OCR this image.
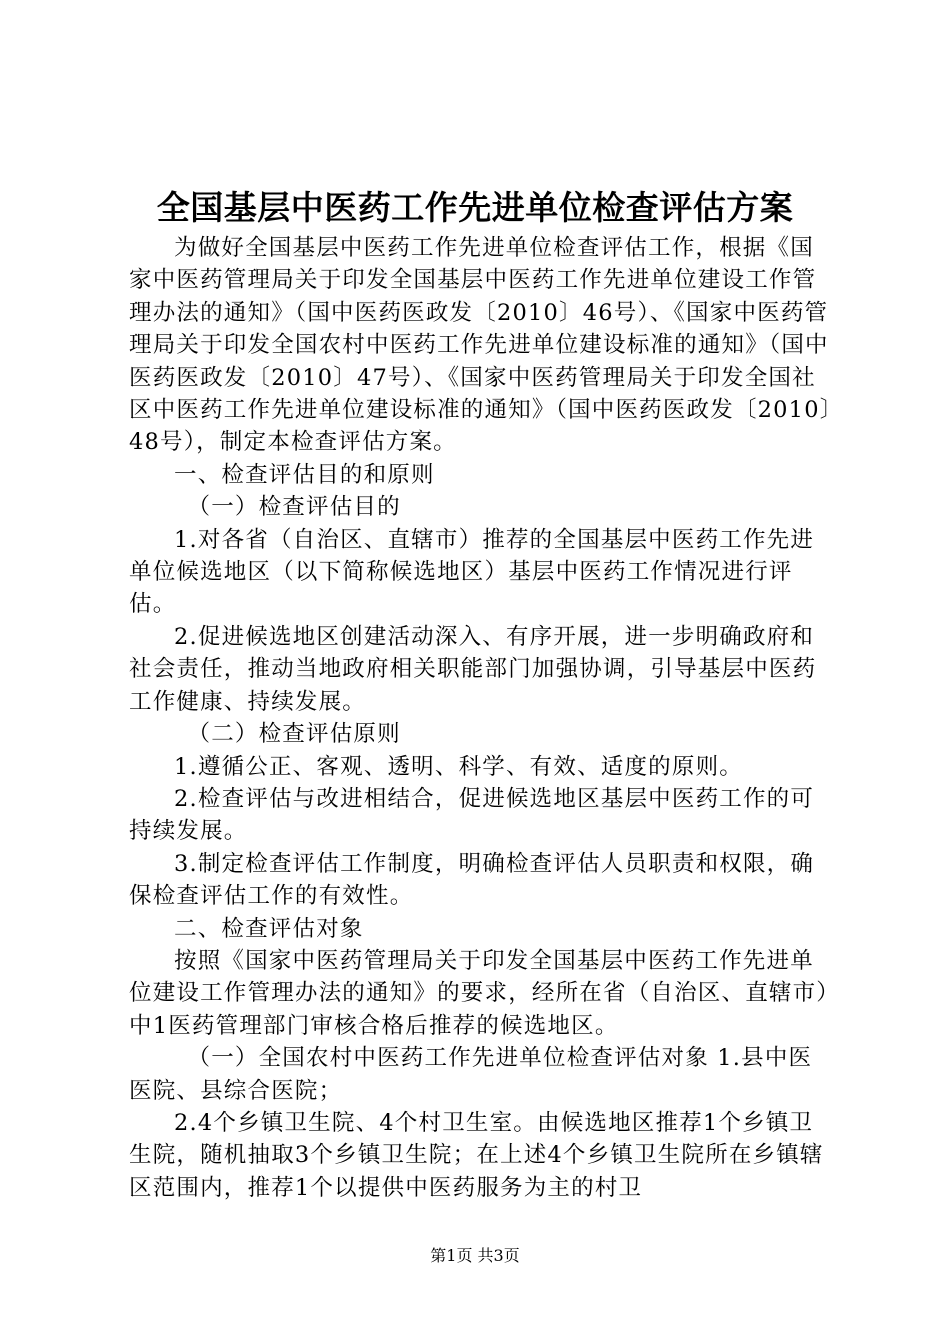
全国基层中医药工作先进单位检查评估方案

为做好全国基层中医药工作先进单位检查评估工作，根据《国家中医药管理局关于印发全国基层中医药工作先进单位建设工作管理办法的通知》（国中医药医政发〔2010〕46号）、《国家中医药管理局关于印发全国农村中医药工作先进单位建设标准的通知》（国中医药医政发〔2010〕47号）、《国家中医药管理局关于印发全国社区中医药工作先进单位建设标准的通知》（国中医药医政发〔2010〕48号），制定本检查评估方案。

一、检查评估目的和原则

（一）检查评估目的

1.对各省（自治区、直辖市）推荐的全国基层中医药工作先进单位候选地区（以下简称候选地区）基层中医药工作情况进行评估。

2.促进候选地区创建活动深入、有序开展，进一步明确政府和社会责任，推动当地政府相关职能部门加强协调，引导基层中医药工作健康、持续发展。

（二）检查评估原则

1.遵循公正、客观、透明、科学、有效、适度的原则。

2.检查评估与改进相结合，促进候选地区基层中医药工作的可持续发展。

3.制定检查评估工作制度，明确检查评估人员职责和权限，确保检查评估工作的有效性。

二、检查评估对象

按照《国家中医药管理局关于印发全国基层中医药工作先进单位建设工作管理办法的通知》的要求，经所在省（自治区、直辖市）中1医药管理部门审核合格后推荐的候选地区。

（一）全国农村中医药工作先进单位检查评估对象 1.县中医医院、县综合医院；

2.4个乡镇卫生院、4个村卫生室。由候选地区推荐1个乡镇卫生院，随机抽取3个乡镇卫生院；在上述4个乡镇卫生院所在乡镇辖区范围内，推荐1个以提供中医药服务为主的村卫

第1页 共3页
